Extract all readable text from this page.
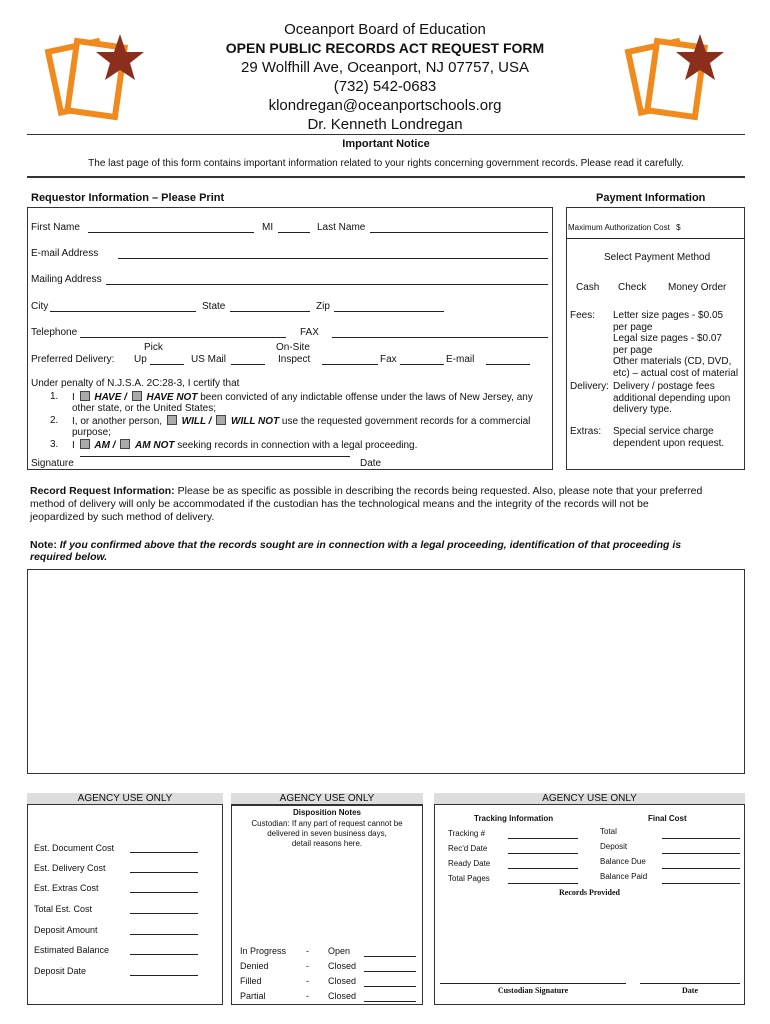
Oceanport Board of Education
OPEN PUBLIC RECORDS ACT REQUEST FORM
29 Wolfhill Ave, Oceanport, NJ 07757, USA
(732) 542-0683
klondregan@oceanportschools.org
Dr. Kenneth Londregan
Important Notice
The last page of this form contains important information related to your rights concerning government records. Please read it carefully.
Requestor Information – Please Print
First Name	MI	Last Name
E-mail Address
Mailing Address
City	State	Zip
Telephone	FAX
Pick	On-Site
Preferred Delivery: Up	US Mail	Inspect	Fax	E-mail
Under penalty of N.J.S.A. 2C:28-3, I certify that
1. I HAVE / HAVE NOT been convicted of any indictable offense under the laws of New Jersey, any
other state, or the United States;
2. I, or another person, WILL / WILL NOT use the requested government records for a commercial
purpose;
3. I AM / AM NOT seeking records in connection with a legal proceeding.
Signature	Date
Payment Information
Maximum Authorization Cost $
Select Payment Method
Cash Check Money Order
Fees: Letter size pages - $0.05
per page
Legal size pages - $0.07
per page
Other materials (CD, DVD,
etc) – actual cost of material
Delivery: Delivery / postage fees
additional depending upon
delivery type.
Extras: Special service charge
dependent upon request.
Record Request Information: Please be as specific as possible in describing the records being requested. Also, please note that your preferred
method of delivery will only be accommodated if the custodian has the technological means and the integrity of the records will not be
jeopardized by such method of delivery.
Note: If you confirmed above that the records sought are in connection with a legal proceeding, identification of that proceeding is
required below.
AGENCY USE ONLY
Est. Document Cost
Est. Delivery Cost
Est. Extras Cost
Total Est. Cost
Deposit Amount
Estimated Balance
Deposit Date
AGENCY USE ONLY
Disposition Notes
Custodian: If any part of request cannot be
delivered in seven business days,
detail reasons here.
In Progress - Open
Denied	- Closed
Filled	- Closed
Partial	- Closed
AGENCY USE ONLY
Tracking Information	Final Cost
Tracking #
Rec'd Date
Ready Date
Total Pages
Total
Deposit
Balance Due
Balance Paid
Records Provided
Custodian Signature	Date
